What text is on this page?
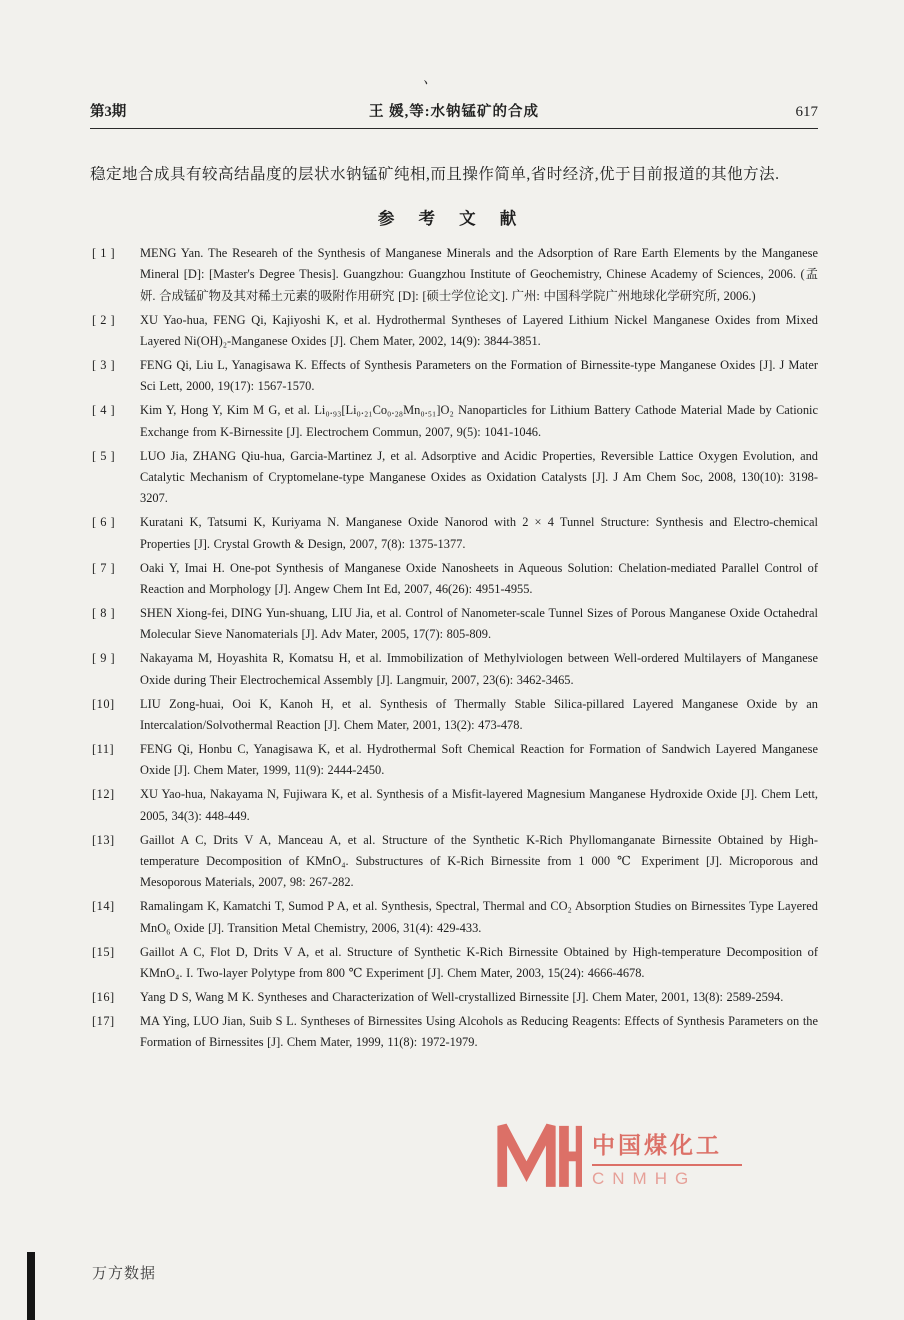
第3期	王 媛,等:水钠锰矿的合成	617
、

稳定地合成具有较高结晶度的层状水钠锰矿纯相,而且操作简单,省时经济,优于目前报道的其他方法.

参 考 文 献
[ 1 ]	MENG Yan. The Researeh of the Synthesis of Manganese Minerals and the Adsorption of Rare Earth Elements by the Manganese Mineral [D]: [Master's Degree Thesis]. Guangzhou: Guangzhou Institute of Geochemistry, Chinese Academy of Sciences, 2006. (孟 妍. 合成锰矿物及其对稀土元素的吸附作用研究 [D]: [硕士学位论文]. 广州: 中国科学院广州地球化学研究所, 2006.)
[ 2 ]	XU Yao-hua, FENG Qi, Kajiyoshi K, et al. Hydrothermal Syntheses of Layered Lithium Nickel Manganese Oxides from Mixed Layered Ni(OH)₂-Manganese Oxides [J]. Chem Mater, 2002, 14(9): 3844-3851.
[ 3 ]	FENG Qi, Liu L, Yanagisawa K. Effects of Synthesis Parameters on the Formation of Birnessite-type Manganese Oxides [J]. J Mater Sci Lett, 2000, 19(17): 1567-1570.
[ 4 ]	Kim Y, Hong Y, Kim M G, et al. Li₀.₉₃[Li₀.₂₁Co₀.₂₈Mn₀.₅₁]O₂ Nanoparticles for Lithium Battery Cathode Material Made by Cationic Exchange from K-Birnessite [J]. Electrochem Commun, 2007, 9(5): 1041-1046.
[ 5 ]	LUO Jia, ZHANG Qiu-hua, Garcia-Martinez J, et al. Adsorptive and Acidic Properties, Reversible Lattice Oxygen Evolution, and Catalytic Mechanism of Cryptomelane-type Manganese Oxides as Oxidation Catalysts [J]. J Am Chem Soc, 2008, 130(10): 3198-3207.
[ 6 ]	Kuratani K, Tatsumi K, Kuriyama N. Manganese Oxide Nanorod with 2 × 4 Tunnel Structure: Synthesis and Electro-chemical Properties [J]. Crystal Growth & Design, 2007, 7(8): 1375-1377.
[ 7 ]	Oaki Y, Imai H. One-pot Synthesis of Manganese Oxide Nanosheets in Aqueous Solution: Chelation-mediated Parallel Control of Reaction and Morphology [J]. Angew Chem Int Ed, 2007, 46(26): 4951-4955.
[ 8 ]	SHEN Xiong-fei, DING Yun-shuang, LIU Jia, et al. Control of Nanometer-scale Tunnel Sizes of Porous Manganese Oxide Octahedral Molecular Sieve Nanomaterials [J]. Adv Mater, 2005, 17(7): 805-809.
[ 9 ]	Nakayama M, Hoyashita R, Komatsu H, et al. Immobilization of Methylviologen between Well-ordered Multilayers of Manganese Oxide during Their Electrochemical Assembly [J]. Langmuir, 2007, 23(6): 3462-3465.
[10]	LIU Zong-huai, Ooi K, Kanoh H, et al. Synthesis of Thermally Stable Silica-pillared Layered Manganese Oxide by an Intercalation/Solvothermal Reaction [J]. Chem Mater, 2001, 13(2): 473-478.
[11]	FENG Qi, Honbu C, Yanagisawa K, et al. Hydrothermal Soft Chemical Reaction for Formation of Sandwich Layered Manganese Oxide [J]. Chem Mater, 1999, 11(9): 2444-2450.
[12]	XU Yao-hua, Nakayama N, Fujiwara K, et al. Synthesis of a Misfit-layered Magnesium Manganese Hydroxide Oxide [J]. Chem Lett, 2005, 34(3): 448-449.
[13]	Gaillot A C, Drits V A, Manceau A, et al. Structure of the Synthetic K-Rich Phyllomanganate Birnessite Obtained by High-temperature Decomposition of KMnO₄. Substructures of K-Rich Birnessite from 1 000 ℃ Experiment [J]. Microporous and Mesoporous Materials, 2007, 98: 267-282.
[14]	Ramalingam K, Kamatchi T, Sumod P A, et al. Synthesis, Spectral, Thermal and CO₂ Absorption Studies on Birnessites Type Layered MnO₆ Oxide [J]. Transition Metal Chemistry, 2006, 31(4): 429-433.
[15]	Gaillot A C, Flot D, Drits V A, et al. Structure of Synthetic K-Rich Birnessite Obtained by High-temperature Decomposition of KMnO₄. I. Two-layer Polytype from 800 ℃ Experiment [J]. Chem Mater, 2003, 15(24): 4666-4678.
[16]	Yang D S, Wang M K. Syntheses and Characterization of Well-crystallized Birnessite [J]. Chem Mater, 2001, 13(8): 2589-2594.
[17]	MA Ying, LUO Jian, Suib S L. Syntheses of Birnessites Using Alcohols as Reducing Reagents: Effects of Synthesis Parameters on the Formation of Birnessites [J]. Chem Mater, 1999, 11(8): 1972-1979.
中国煤化工
CNMHG
万方数据
